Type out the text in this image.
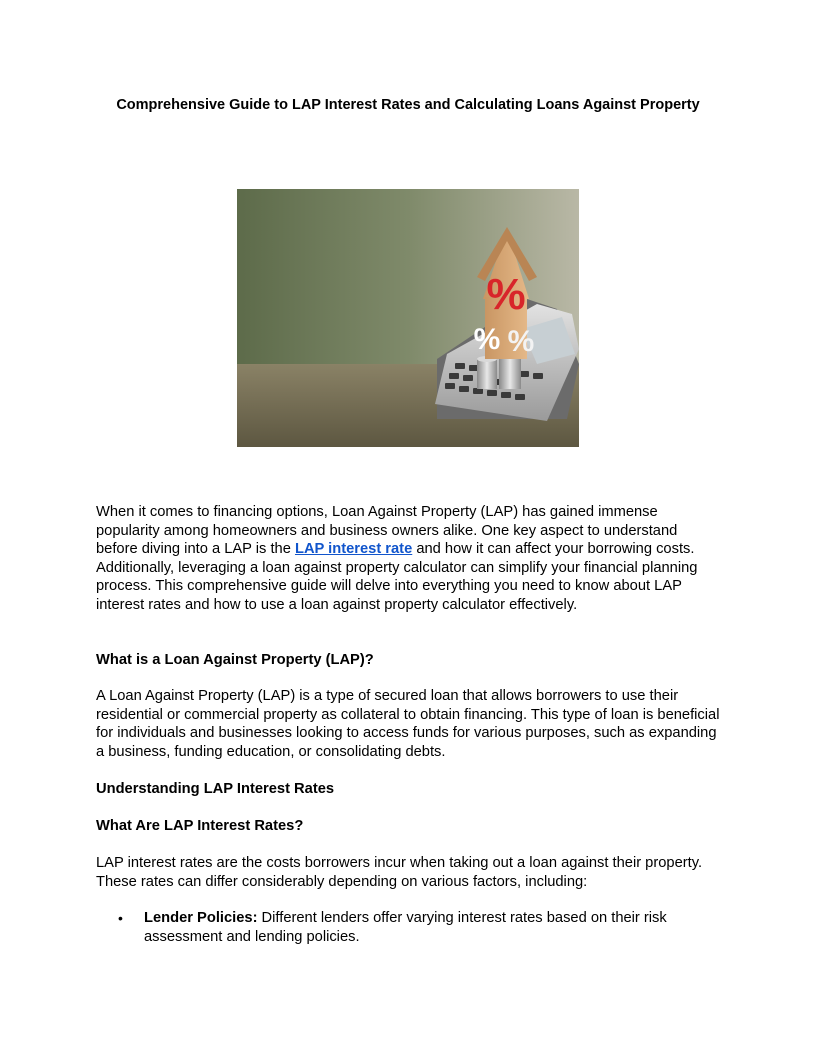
Comprehensive Guide to LAP Interest Rates and Calculating Loans Against Property
%
% %

When it comes to financing options, Loan Against Property (LAP) has gained immense popularity among homeowners and business owners alike. One key aspect to understand before diving into a LAP is the LAP interest rate and how it can affect your borrowing costs. Additionally, leveraging a loan against property calculator can simplify your financial planning process. This comprehensive guide will delve into everything you need to know about LAP interest rates and how to use a loan against property calculator effectively.

What is a Loan Against Property (LAP)?

A Loan Against Property (LAP) is a type of secured loan that allows borrowers to use their residential or commercial property as collateral to obtain financing. This type of loan is beneficial for individuals and businesses looking to access funds for various purposes, such as expanding a business, funding education, or consolidating debts.

Understanding LAP Interest Rates
What Are LAP Interest Rates?

LAP interest rates are the costs borrowers incur when taking out a loan against their property. These rates can differ considerably depending on various factors, including:

• Lender Policies: Different lenders offer varying interest rates based on their risk assessment and lending policies.
